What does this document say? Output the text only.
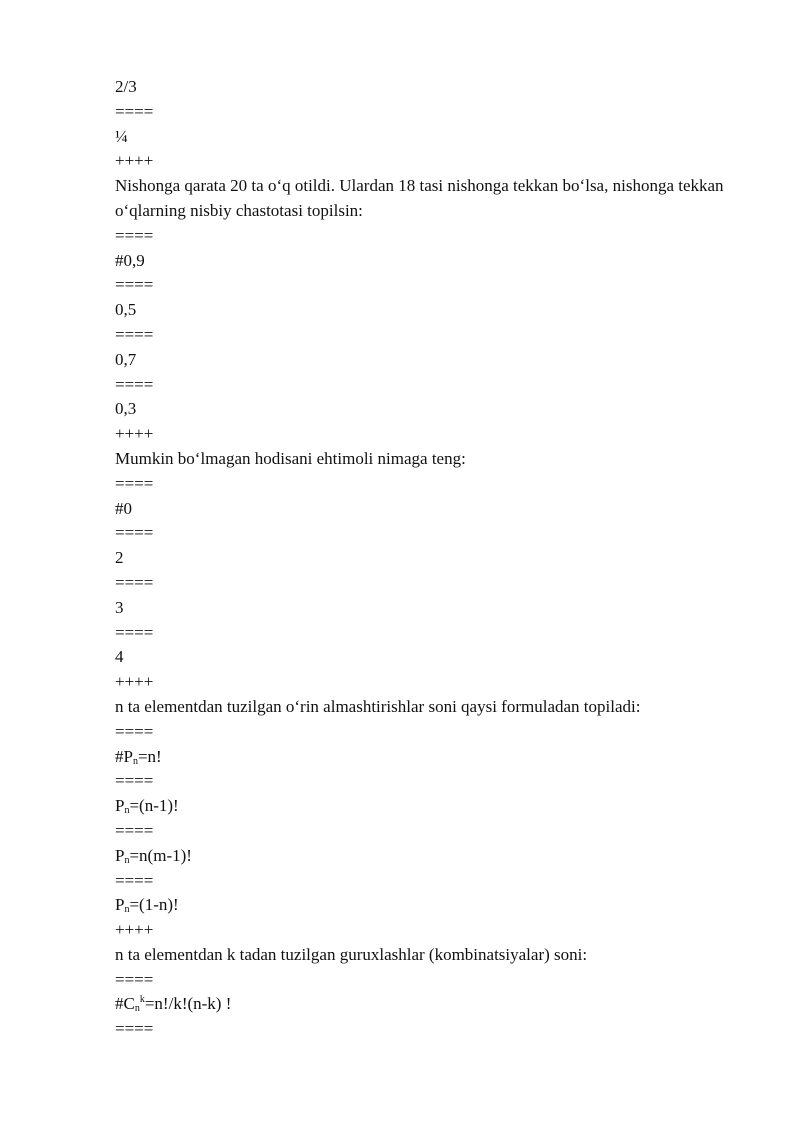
2/3
====
¼
++++
Nishonga qarata 20 ta o‘q otildi. Ulardan 18 tasi nishonga tekkan bo‘lsa, nishonga tekkan o‘qlarning nisbiy chastotasi topilsin:
====
#0,9
====
0,5
====
0,7
====
0,3
++++
Mumkin bo‘lmagan hodisani ehtimoli nimaga teng:
====
#0
====
2
====
3
====
4
++++
n ta elementdan tuzilgan o‘rin almashtirishlar soni qaysi formuladan topiladi:
====
$\#P_n=n$!
====
$P_n=(n-1)$!
====
$P_n=n(m-1)$!
====
$P_n=(1-n)$!
++++
n ta elementdan k tadan tuzilgan guruxlashlar (kombinatsiyalar) soni:
====
$\#C_n^k=n!/k!(n-k)$ !
====
